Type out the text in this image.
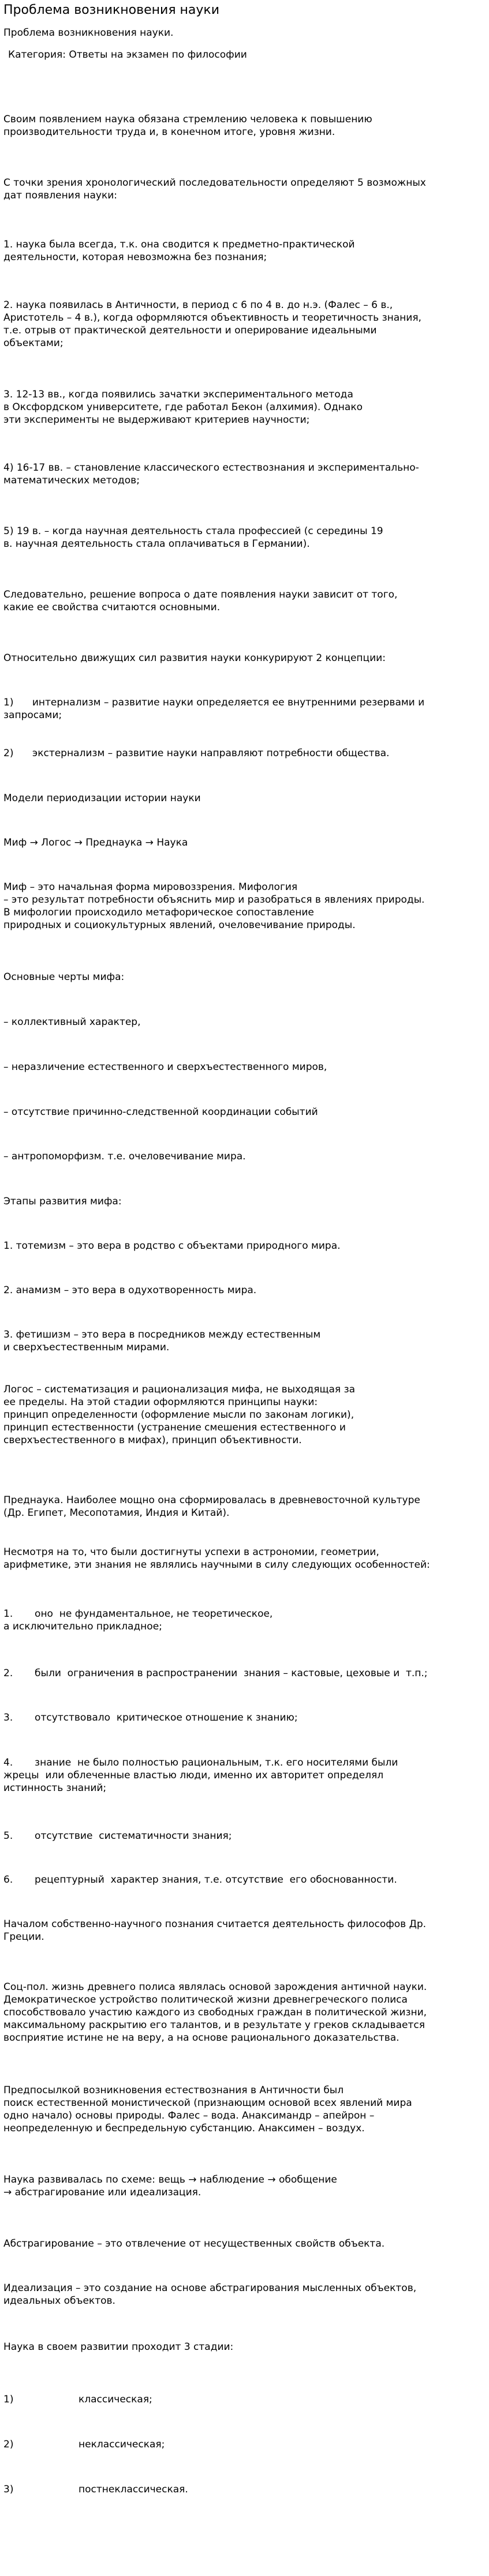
Проблема возникновения науки
Проблема возникновения науки.
Категория: Ответы на экзамен по философии
Своим появлением наука обязана стремлению человека к повышению
производительности труда и, в конечном итоге, уровня жизни.
С точки зрения хронологический последовательности определяют 5 возможных
дат появления науки:
1. наука была всегда, т.к. она сводится к предметно-практической
деятельности, которая невозможна без познания;
2. наука появилась в Античности, в период с 6 по 4 в. до н.э. (Фалес – 6 в.,
Аристотель – 4 в.), когда оформляются объективность и теоретичность знания,
т.е. отрыв от практической деятельности и оперирование идеальными
объектами;
3. 12-13 вв., когда появились зачатки экспериментального метода
в Оксфордском университете, где работал Бекон (алхимия). Однако
эти эксперименты не выдерживают критериев научности;
4) 16-17 вв. – становление классического естествознания и экспериментально-
математических методов;
5) 19 в. – когда научная деятельность стала профессией (с середины 19
в. научная деятельность стала оплачиваться в Германии).
Следовательно, решение вопроса о дате появления науки зависит от того,
какие ее свойства считаются основными.
Относительно движущих сил развития науки конкурируют 2 концепции:
1)      интернализм – развитие науки определяется ее внутренними резервами и
запросами;
2)      экстернализм – развитие науки направляют потребности общества.
Модели периодизации истории науки
Миф → Логос → Преднаука → Наука
Миф – это начальная форма мировоззрения. Мифология
– это результат потребности объяснить мир и разобраться в явлениях природы.
В мифологии происходило метафорическое сопоставление
природных и социокультурных явлений, очеловечивание природы.
Основные черты мифа:
– коллективный характер,
– неразличение естественного и сверхъестественного миров,
– отсутствие причинно-следственной координации событий
– антропоморфизм. т.е. очеловечивание мира.
Этапы развития мифа:
1. тотемизм – это вера в родство с объектами природного мира.
2. анамизм – это вера в одухотворенность мира.
3. фетишизм – это вера в посредников между естественным
и сверхъестественным мирами.
Логос – систематизация и рационализация мифа, не выходящая за
ее пределы. На этой стадии оформляются принципы науки:
принцип определенности (оформление мысли по законам логики),
принцип естественности (устранение смешения естественного и
сверхъестественного в мифах), принцип объективности.
Преднаука. Наиболее мощно она сформировалась в древневосточной культуре
(Др. Египет, Месопотамия, Индия и Китай).
Несмотря на то, что были достигнуты успехи в астрономии, геометрии,
арифметике, эти знания не являлись научными в силу следующих особенностей:
1.       оно  не фундаментальное, не теоретическое,
а исключительно прикладное;
2.       были  ограничения в распространении  знания – кастовые, цеховые и  т.п.;
3.       отсутствовало  критическое отношение к знанию;
4.       знание  не было полностью рациональным, т.к. его носителями были
жрецы  или облеченные властью люди, именно их авторитет определял
истинность знаний;
5.       отсутствие  систематичности знания;
6.       рецептурный  характер знания, т.е. отсутствие  его обоснованности.
Началом собственно-научного познания считается деятельность философов Др.
Греции.
Соц-пол. жизнь древнего полиса являлась основой зарождения античной науки.
Демократическое устройство политической жизни древнегреческого полиса
способствовало участию каждого из свободных граждан в политической жизни,
максимальному раскрытию его талантов, и в результате у греков складывается
восприятие истине не на веру, а на основе рационального доказательства.
Предпосылкой возникновения естествознания в Античности был
поиск естественной монистической (признающим основой всех явлений мира
одно начало) основы природы. Фалес – вода. Анаксимандр – апейрон –
неопределенную и беспредельную субстанцию. Анаксимен – воздух.
Наука развивалась по схеме: вещь → наблюдение → обобщение
→ абстрагирование или идеализация.
Абстрагирование – это отвлечение от несущественных свойств объекта.
Идеализация – это создание на основе абстрагирования мысленных объектов,
идеальных объектов.
Наука в своем развитии проходит 3 стадии:
1)	классическая;
2)	неклассическая;
3)	постнеклассическая.
